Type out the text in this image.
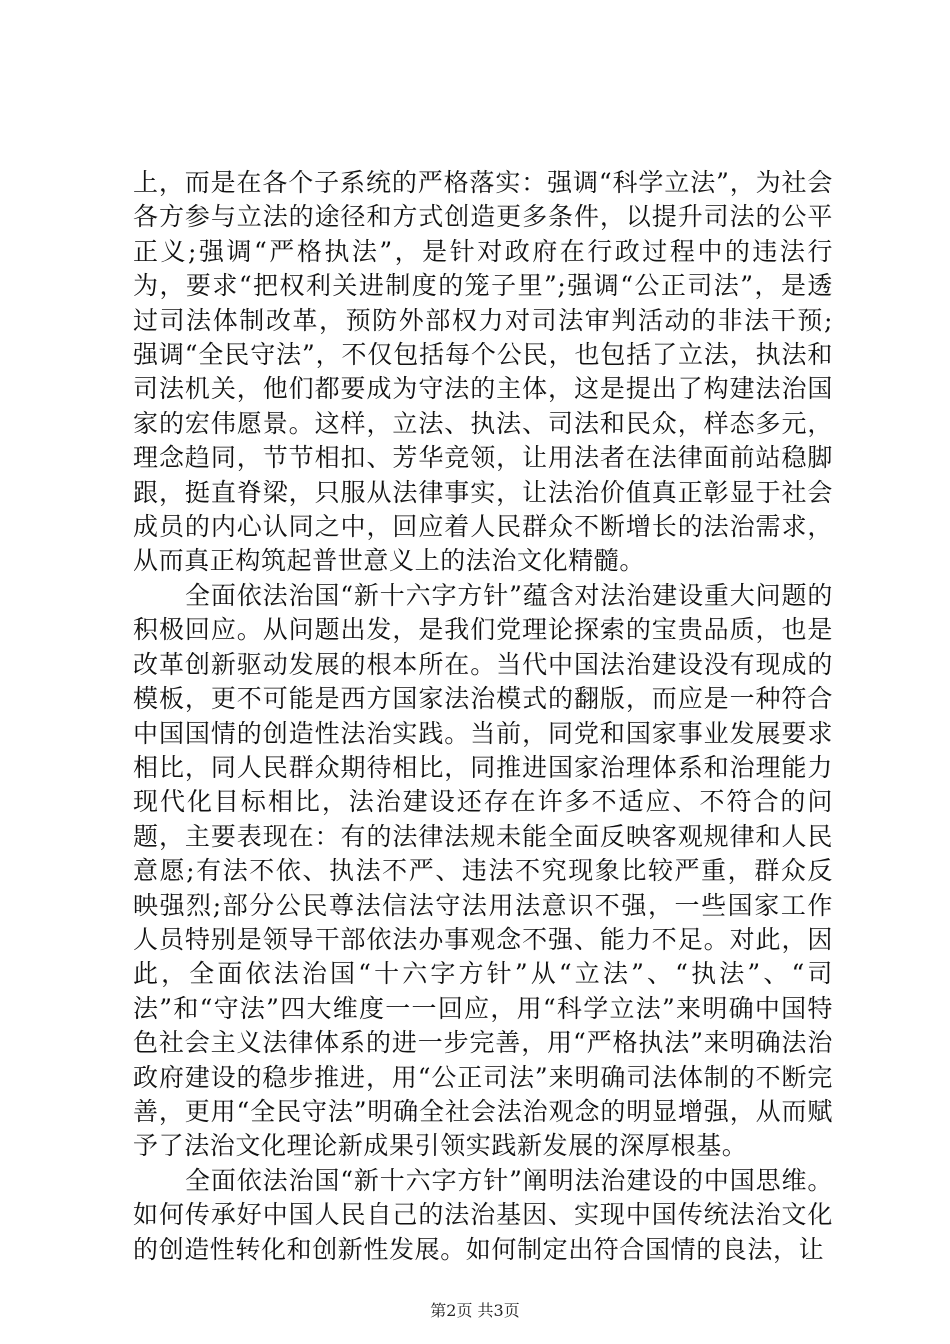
上，而是在各个子系统的严格落实：强调“科学立法”，为社会各方参与立法的途径和方式创造更多条件，以提升司法的公平正义;强调“严格执法”，是针对政府在行政过程中的违法行为，要求“把权利关进制度的笼子里”;强调“公正司法”，是透过司法体制改革，预防外部权力对司法审判活动的非法干预;强调“全民守法”，不仅包括每个公民，也包括了立法，执法和司法机关，他们都要成为守法的主体，这是提出了构建法治国家的宏伟愿景。这样，立法、执法、司法和民众，样态多元，理念趋同，节节相扣、芳华竞领，让用法者在法律面前站稳脚跟，挺直脊梁，只服从法律事实，让法治价值真正彰显于社会成员的内心认同之中，回应着人民群众不断增长的法治需求，从而真正构筑起普世意义上的法治文化精髓。

全面依法治国“新十六字方针”蕴含对法治建设重大问题的积极回应。从问题出发，是我们党理论探索的宝贵品质，也是改革创新驱动发展的根本所在。当代中国法治建设没有现成的模板，更不可能是西方国家法治模式的翻版，而应是一种符合中国国情的创造性法治实践。当前，同党和国家事业发展要求相比，同人民群众期待相比，同推进国家治理体系和治理能力现代化目标相比，法治建设还存在许多不适应、不符合的问题，主要表现在：有的法律法规未能全面反映客观规律和人民意愿;有法不依、执法不严、违法不究现象比较严重，群众反映强烈;部分公民尊法信法守法用法意识不强，一些国家工作人员特别是领导干部依法办事观念不强、能力不足。对此，因此，全面依法治国“十六字方针”从“立法”、“执法”、“司法”和“守法”四大维度一一回应，用“科学立法”来明确中国特色社会主义法律体系的进一步完善，用“严格执法”来明确法治政府建设的稳步推进，用“公正司法”来明确司法体制的不断完善，更用“全民守法”明确全社会法治观念的明显增强，从而赋予了法治文化理论新成果引领实践新发展的深厚根基。

全面依法治国“新十六字方针”阐明法治建设的中国思维。如何传承好中国人民自己的法治基因、实现中国传统法治文化的创造性转化和创新性发展。如何制定出符合国情的良法，让

第2页 共3页
